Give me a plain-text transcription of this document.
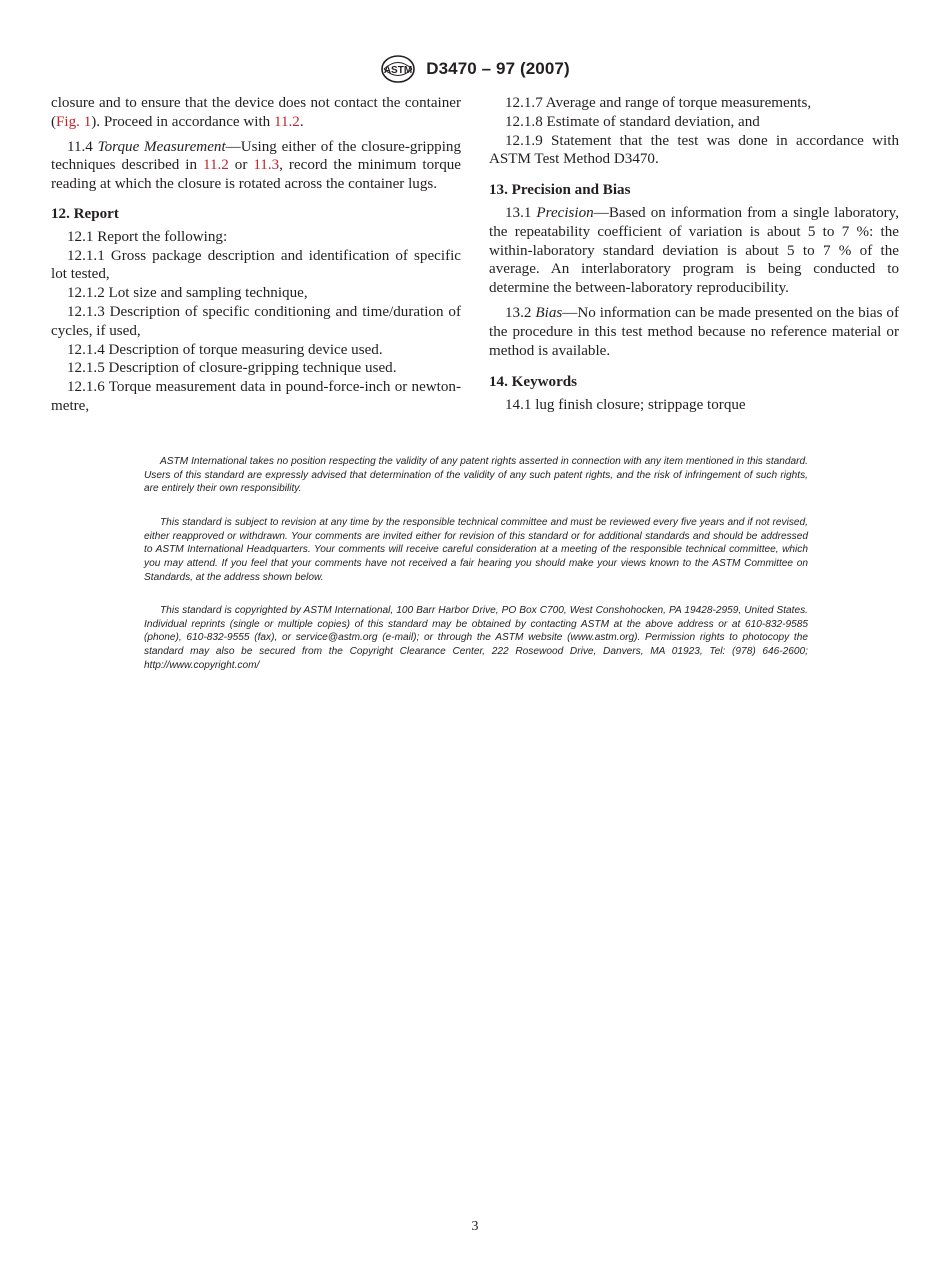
ASTM D3470 – 97 (2007)

closure and to ensure that the device does not contact the container (Fig. 1). Proceed in accordance with 11.2.

11.4 Torque Measurement—Using either of the closure-gripping techniques described in 11.2 or 11.3, record the minimum torque reading at which the closure is rotated across the container lugs.

12. Report

12.1 Report the following:

12.1.1 Gross package description and identification of specific lot tested,

12.1.2 Lot size and sampling technique,

12.1.3 Description of specific conditioning and time/duration of cycles, if used,

12.1.4 Description of torque measuring device used.

12.1.5 Description of closure-gripping technique used.

12.1.6 Torque measurement data in pound-force-inch or newton-metre,

12.1.7 Average and range of torque measurements,

12.1.8 Estimate of standard deviation, and

12.1.9 Statement that the test was done in accordance with ASTM Test Method D3470.

13. Precision and Bias

13.1 Precision—Based on information from a single laboratory, the repeatability coefficient of variation is about 5 to 7 %: the within-laboratory standard deviation is about 5 to 7 % of the average. An interlaboratory program is being conducted to determine the between-laboratory reproducibility.

13.2 Bias—No information can be made presented on the bias of the procedure in this test method because no reference material or method is available.

14. Keywords

14.1 lug finish closure; strippage torque

ASTM International takes no position respecting the validity of any patent rights asserted in connection with any item mentioned in this standard. Users of this standard are expressly advised that determination of the validity of any such patent rights, and the risk of infringement of such rights, are entirely their own responsibility.

This standard is subject to revision at any time by the responsible technical committee and must be reviewed every five years and if not revised, either reapproved or withdrawn. Your comments are invited either for revision of this standard or for additional standards and should be addressed to ASTM International Headquarters. Your comments will receive careful consideration at a meeting of the responsible technical committee, which you may attend. If you feel that your comments have not received a fair hearing you should make your views known to the ASTM Committee on Standards, at the address shown below.

This standard is copyrighted by ASTM International, 100 Barr Harbor Drive, PO Box C700, West Conshohocken, PA 19428-2959, United States. Individual reprints (single or multiple copies) of this standard may be obtained by contacting ASTM at the above address or at 610-832-9585 (phone), 610-832-9555 (fax), or service@astm.org (e-mail); or through the ASTM website (www.astm.org). Permission rights to photocopy the standard may also be secured from the Copyright Clearance Center, 222 Rosewood Drive, Danvers, MA 01923, Tel: (978) 646-2600; http://www.copyright.com/

3
